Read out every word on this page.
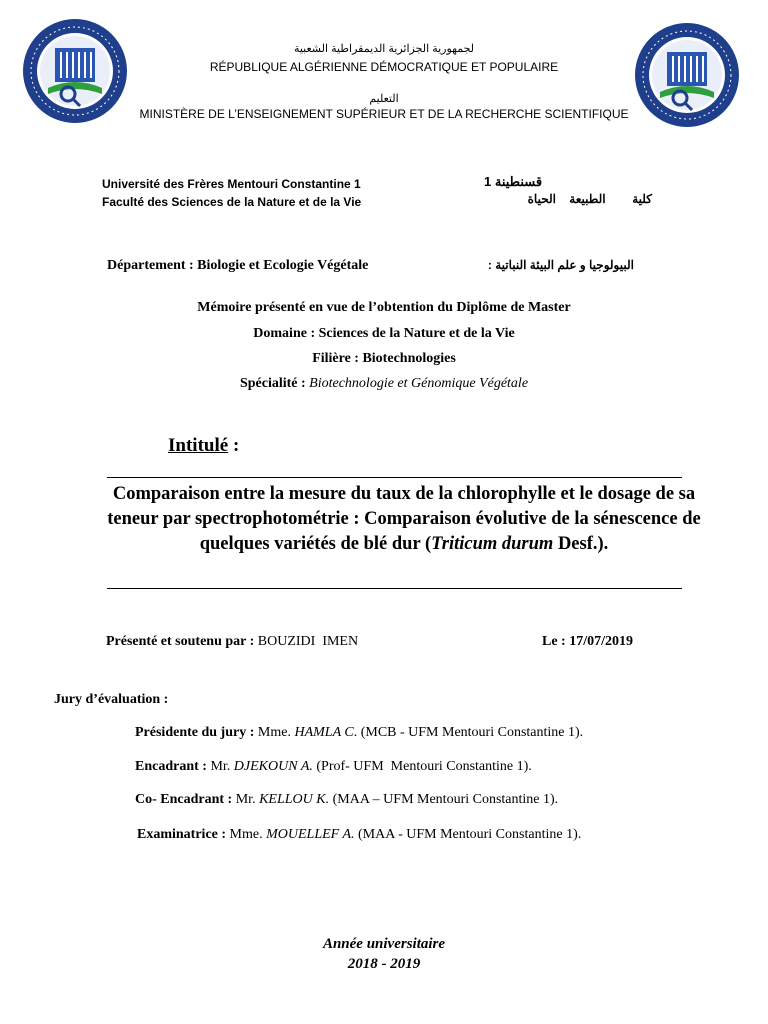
لجمهورية الجزائرية الديمقراطية الشعبية
RÉPUBLIQUE ALGÉRIENNE DÉMOCRATIQUE ET POPULAIRE
التعليم
MINISTÈRE DE L’ENSEIGNEMENT SUPÉRIEUR ET DE LA RECHERCHE SCIENTIFIQUE
Université des Frères Mentouri Constantine 1
Faculté des Sciences de la Nature et de la Vie
قسنطينة 1
كلية        الطبيعة    الحياة
Département : Biologie et Ecologie Végétale	البيولوجيا و علم البيئة النباتية :
Mémoire présenté en vue de l’obtention du Diplôme de Master
Domaine : Sciences de la Nature et de la Vie
Filière : Biotechnologies
Spécialité : Biotechnologie et Génomique Végétale
Intitulé :
Comparaison entre la mesure du taux de la chlorophylle et le dosage de sa teneur par spectrophotométrie : Comparaison évolutive de la sénescence de quelques variétés de blé dur (Triticum durum Desf.).
Présenté et soutenu par : BOUZIDI  IMEN	Le : 17/07/2019
Jury d’évaluation :
Présidente du jury : Mme. HAMLA C. (MCB - UFM Mentouri Constantine 1).
Encadrant : Mr. DJEKOUN A. (Prof- UFM  Mentouri Constantine 1).
Co- Encadrant : Mr. KELLOU K. (MAA – UFM Mentouri Constantine 1).
Examinatrice : Mme. MOUELLEF A. (MAA - UFM Mentouri Constantine 1).
Année universitaire
2018 - 2019
